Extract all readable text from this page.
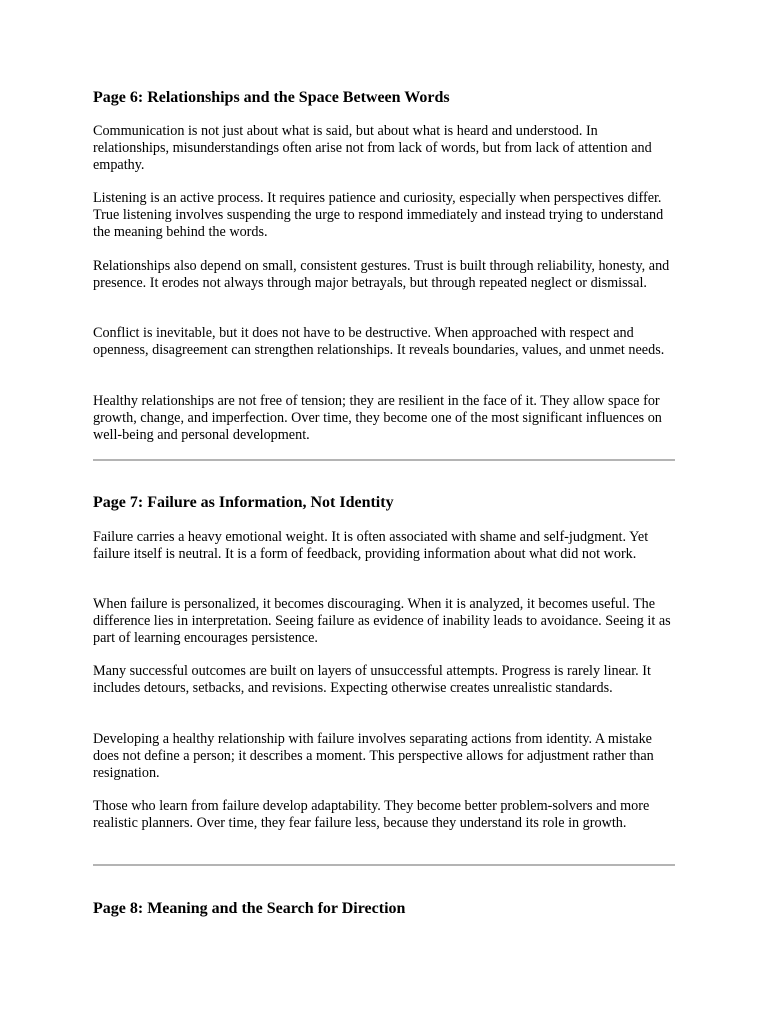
Page 6: Relationships and the Space Between Words

Communication is not just about what is said, but about what is heard and understood. In relationships, misunderstandings often arise not from lack of words, but from lack of attention and empathy.

Listening is an active process. It requires patience and curiosity, especially when perspectives differ. True listening involves suspending the urge to respond immediately and instead trying to understand the meaning behind the words.

Relationships also depend on small, consistent gestures. Trust is built through reliability, honesty, and presence. It erodes not always through major betrayals, but through repeated neglect or dismissal.

Conflict is inevitable, but it does not have to be destructive. When approached with respect and openness, disagreement can strengthen relationships. It reveals boundaries, values, and unmet needs.

Healthy relationships are not free of tension; they are resilient in the face of it. They allow space for growth, change, and imperfection. Over time, they become one of the most significant influences on well-being and personal development.

Page 7: Failure as Information, Not Identity

Failure carries a heavy emotional weight. It is often associated with shame and self-judgment. Yet failure itself is neutral. It is a form of feedback, providing information about what did not work.

When failure is personalized, it becomes discouraging. When it is analyzed, it becomes useful. The difference lies in interpretation. Seeing failure as evidence of inability leads to avoidance. Seeing it as part of learning encourages persistence.

Many successful outcomes are built on layers of unsuccessful attempts. Progress is rarely linear. It includes detours, setbacks, and revisions. Expecting otherwise creates unrealistic standards.

Developing a healthy relationship with failure involves separating actions from identity. A mistake does not define a person; it describes a moment. This perspective allows for adjustment rather than resignation.

Those who learn from failure develop adaptability. They become better problem-solvers and more realistic planners. Over time, they fear failure less, because they understand its role in growth.

Page 8: Meaning and the Search for Direction
